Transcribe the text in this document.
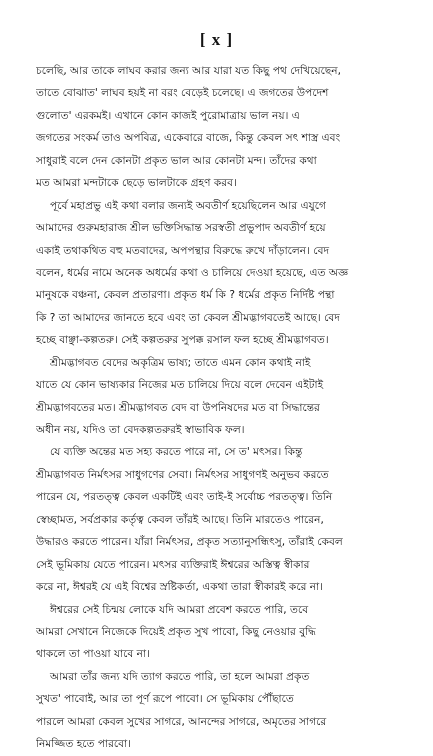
[ x ]
চলেছি, আর তাকে লাঘব করার জন্য আর যারা যত কিছু পথ দেখিয়েছেন,
তাতে বোঝাত' লাঘব হয়ই না বরং বেড়েই চলেছে। এ জগতের উপদেশ
গুলোত' এরকমই। এখানে কোন কাজই পুরোমাত্রায় ভাল নয়। এ
জগতের সংকর্ম তাও অপবিত্র, একেবারে বাজে, কিন্তু কেবল সৎ শাস্ত্র এবং
সাধুরাই বলে দেন কোনটা প্রকৃত ভাল আর কোনটা মন্দ। তাঁদের কথা
মত আমরা মন্দটাকে ছেড়ে ভালটাকে গ্রহণ করব।
পূর্বে মহাপ্রভু এই কথা বলার জন্যই অবতীর্ণ হয়েছিলেন আর এযুগে
আমাদের গুরুমহারাজ শ্রীল ভক্তিসিদ্ধান্ত সরস্বতী প্রভুপাদ অবতীর্ণ হয়ে
একাই তথাকথিত বহু মতবাদের, অপপন্থার বিরুদ্ধে রুখে দাঁড়ালেন। বেদ
বলেন, ধর্মের নামে অনেক অধর্মের কথা ও চালিয়ে দেওয়া হয়েছে, এত অজ্ঞ
মানুষকে বঞ্চনা, কেবল প্রতারণা। প্রকৃত ধর্ম কি ? ধর্মের প্রকৃত নির্দিষ্ট পন্থা
কি ? তা আমাদের জানতে হবে এবং তা কেবল শ্রীমদ্ভাগবতেই আছে। বেদ
হচ্ছে বাঞ্ছা-কল্পতরু। সেই কল্পতরুর সুপক্ক রসাল ফল হচ্ছে শ্রীমদ্ভাগবত।
শ্রীমদ্ভাগবত বেদের অকৃত্রিম ভাষ্য; তাতে এমন কোন কথাই নাই
যাতে যে কোন ভাষ্যকার নিজের মত চালিয়ে দিয়ে বলে দেবেন এইটাই
শ্রীমদ্ভাগবতের মত। শ্রীমদ্ভাগবত বেদ বা উপনিষদের মত বা সিদ্ধান্তের
অধীন নয়, যদিও তা বেদকল্পতরুরই স্বাভাবিক ফল।
যে ব্যক্তি অন্তের মত সহ্য করতে পারে না, সে ত' মৎসর। কিন্তু
শ্রীমদ্ভাগবত নির্মৎসর সাধুগণের সেবা। নির্মৎসর সাধুগণই অনুভব করতে
পারেন যে, পরতত্ত্ব কেবল একটিই এবং তাই-ই সর্বোচ্চ পরতত্ত্ব। তিনি
স্বেচ্ছামত, সর্বপ্রকার কর্তৃত্ব কেবল তাঁরই আছে। তিনি মারতেও পারেন,
উদ্ধারও করতে পারেন। যাঁরা নির্মৎসর, প্রকৃত সত্যানুসন্ধিৎসু, তাঁরাই কেবল
সেই ভূমিকায় যেতে পারেন। মৎসর ব্যক্তিরাই ঈশ্বরের অস্তিত্ব স্বীকার
করে না, ঈশ্বরই যে এই বিশ্বের স্রষ্টিকর্তা, একথা তারা স্বীকারই করে না।
ঈশ্বরের সেই চিন্ময় লোকে যদি আমরা প্রবেশ করতে পারি, তবে
আমরা সেখানে নিজেকে দিয়েই প্রকৃত সুখ পাবো, কিছু নেওয়ার বুদ্ধি
থাকলে তা পাওয়া যাবে না।
আমরা তাঁর জন্য যদি ত্যাগ করতে পারি, তা হলে আমরা প্রকৃত
সুখত' পাবোই, আর তা পূর্ণ রূপে পাবো। সে ভূমিকায় পৌঁছাতে
পারলে আমরা কেবল সুখের সাগরে, আনন্দের সাগরে, অমৃতের সাগরে
নিমজ্জিত হতে পারবো।
